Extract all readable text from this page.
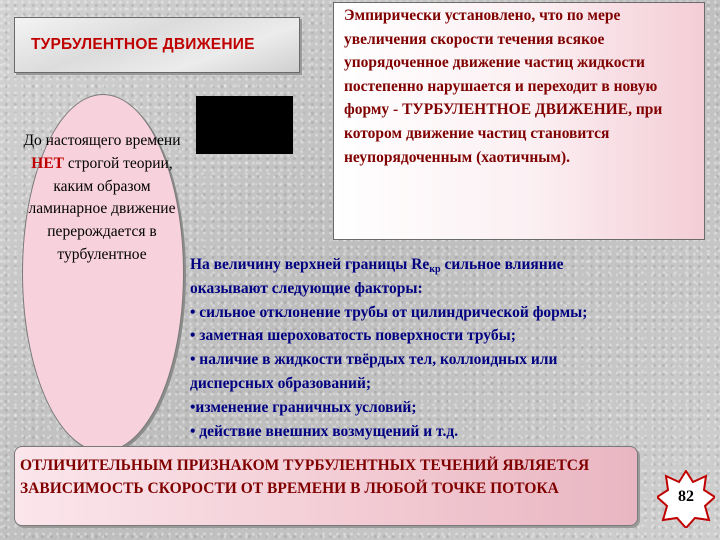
ТУРБУЛЕНТНОЕ ДВИЖЕНИЕ
До настоящего времени НЕТ строгой теории, каким образом ламинарное движение перерождается в турбулентное
Эмпирически установлено, что по мере увеличения скорости течения всякое упорядоченное движение частиц жидкости постепенно нарушается и переходит в новую форму - ТУРБУЛЕНТНОЕ ДВИЖЕНИЕ, при котором движение частиц становится неупорядоченным (хаотичным).
На величину верхней границы $Re_{кр}$ сильное влияние
оказывают следующие факторы:
• сильное отклонение трубы от цилиндрической формы;
• заметная шероховатость поверхности трубы;
• наличие в жидкости твёрдых тел, коллоидных или
дисперсных образований;
•изменение граничных условий;
• действие внешних возмущений и т.д.
ОТЛИЧИТЕЛЬНЫМ ПРИЗНАКОМ ТУРБУЛЕНТНЫХ ТЕЧЕНИЙ ЯВЛЯЕТСЯ ЗАВИСИМОСТЬ СКОРОСТИ ОТ ВРЕМЕНИ В ЛЮБОЙ ТОЧКЕ ПОТОКА	82
